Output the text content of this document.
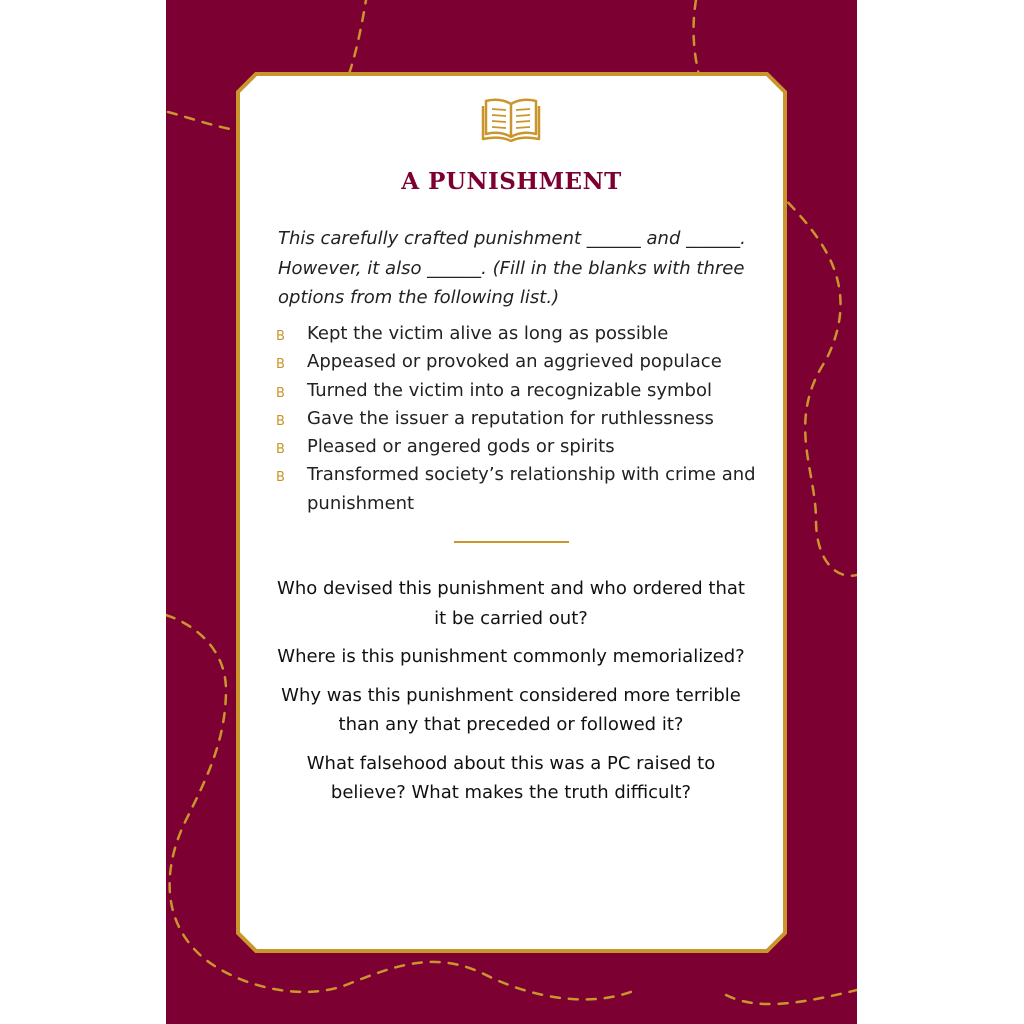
A PUNISHMENT
This carefully crafted punishment ______ and ______. However, it also ______. (Fill in the blanks with three options from the following list.)
B Kept the victim alive as long as possible
B Appeased or provoked an aggrieved populace
B Turned the victim into a recognizable symbol
B Gave the issuer a reputation for ruthlessness
B Pleased or angered gods or spirits
B Transformed society’s relationship with crime and punishment

Who devised this punishment and who ordered that it be carried out?

Where is this punishment commonly memorialized?

Why was this punishment considered more terrible than any that preceded or followed it?

What falsehood about this was a PC raised to believe? What makes the truth difficult?
